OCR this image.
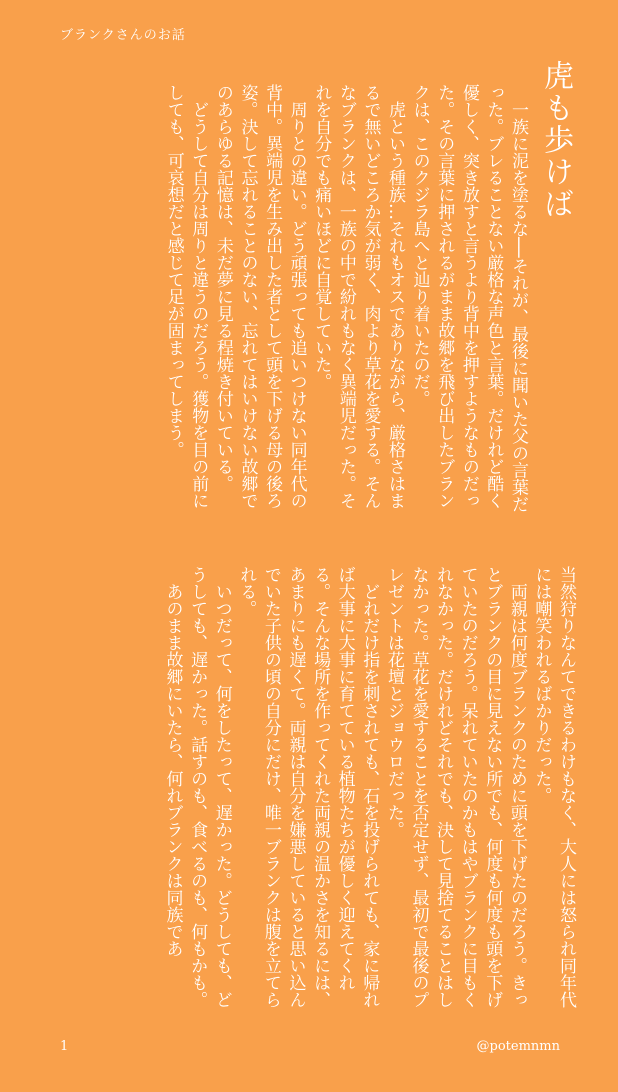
ブランクさんのお話
虎も歩けば

　一族に泥を塗るな──それが、最後に聞いた父の言葉だった。ブレることない厳格な声色と言葉。だけれど酷く優しく、突き放すと言うより背中を押すようなものだった。その言葉に押されるがまま故郷を飛び出したブランクは、このクジラ島へと辿り着いたのだ。

　虎という種族…それもオスでありながら、厳格さはまるで無いどころか気が弱く、肉より草花を愛する。そんなブランクは、一族の中で紛れもなく異端児だった。それを自分でも痛いほどに自覚していた。

　周りとの違い。どう頑張っても追いつけない同年代の背中。異端児を生み出した者として頭を下げる母の後ろ姿。決して忘れることのない、忘れてはいけない故郷でのあらゆる記憶は、未だ夢に見る程焼き付いている。

　どうして自分は周りと違うのだろう。獲物を目の前にしても、可哀想だと感じて足が固まってしまう。

当然狩りなんてできるわけもなく、大人には怒られ同年代には嘲笑われるばかりだった。

　両親は何度ブランクのために頭を下げたのだろう。きっとブランクの目に見えない所でも、何度も何度も頭を下げていたのだろう。呆れていたのかもはやブランクに目もくれなかった。だけれどそれでも、決して見捨てることはしなかった。草花を愛することを否定せず、最初で最後のプレゼントは花壇とジョウロだった。

　どれだけ指を刺されても、石を投げられても、家に帰れば大事に大事に育てている植物たちが優しく迎えてくれる。そんな場所を作ってくれた両親の温かさを知るには、あまりにも遅くて。両親は自分を嫌悪していると思い込んでいた子供の頃の自分にだけ、唯一ブランクは腹を立てられる。

　いつだって、何をしたって、遅かった。どうしても、どうしても、遅かった。話すのも、食べるのも、何もかも。

　あのまま故郷にいたら、何れブランクは同族であ

1	@potemnmn
